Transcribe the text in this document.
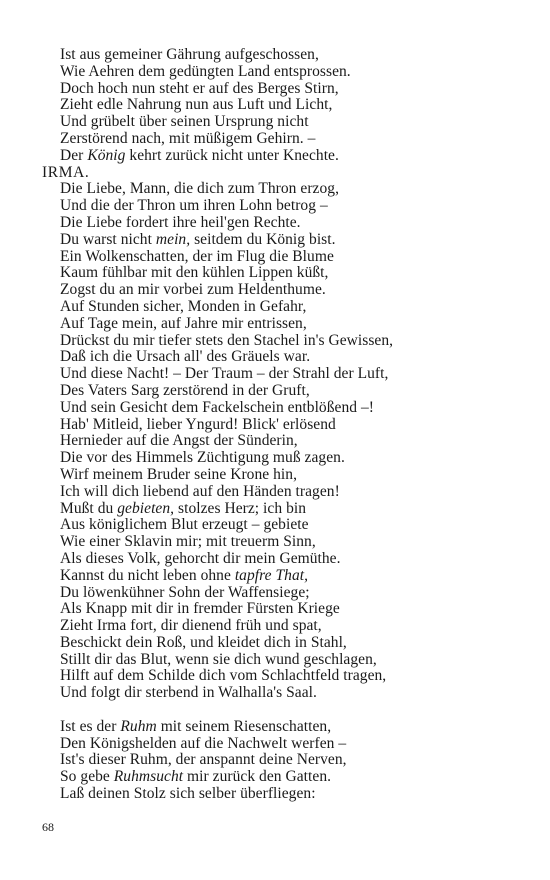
Ist aus gemeiner Gährung aufgeschossen,
Wie Aehren dem gedüngten Land entsprossen.
Doch hoch nun steht er auf des Berges Stirn,
Zieht edle Nahrung nun aus Luft und Licht,
Und grübelt über seinen Ursprung nicht
Zerstörend nach, mit müßigem Gehirn. –
Der König kehrt zurück nicht unter Knechte.
IRMA.
Die Liebe, Mann, die dich zum Thron erzog,
Und die der Thron um ihren Lohn betrog –
Die Liebe fordert ihre heil'gen Rechte.
Du warst nicht mein, seitdem du König bist.
Ein Wolkenschatten, der im Flug die Blume
Kaum fühlbar mit den kühlen Lippen küßt,
Zogst du an mir vorbei zum Heldenthume.
Auf Stunden sicher, Monden in Gefahr,
Auf Tage mein, auf Jahre mir entrissen,
Drückst du mir tiefer stets den Stachel in's Gewissen,
Daß ich die Ursach all' des Gräuels war.
Und diese Nacht! – Der Traum – der Strahl der Luft,
Des Vaters Sarg zerstörend in der Gruft,
Und sein Gesicht dem Fackelschein entblößend –!
Hab' Mitleid, lieber Yngurd! Blick' erlösend
Hernieder auf die Angst der Sünderin,
Die vor des Himmels Züchtigung muß zagen.
Wirf meinem Bruder seine Krone hin,
Ich will dich liebend auf den Händen tragen!
Mußt du gebieten, stolzes Herz; ich bin
Aus königlichem Blut erzeugt – gebiete
Wie einer Sklavin mir; mit treuerm Sinn,
Als dieses Volk, gehorcht dir mein Gemüthe.
Kannst du nicht leben ohne tapfre That,
Du löwenkühner Sohn der Waffensiege;
Als Knapp mit dir in fremder Fürsten Kriege
Zieht Irma fort, dir dienend früh und spat,
Beschickt dein Roß, und kleidet dich in Stahl,
Stillt dir das Blut, wenn sie dich wund geschlagen,
Hilft auf dem Schilde dich vom Schlachtfeld tragen,
Und folgt dir sterbend in Walhalla's Saal.
Ist es der Ruhm mit seinem Riesenschatten,
Den Königshelden auf die Nachwelt werfen –
Ist's dieser Ruhm, der anspannt deine Nerven,
So gebe Ruhmsucht mir zurück den Gatten.
Laß deinen Stolz sich selber überfliegen:
68
